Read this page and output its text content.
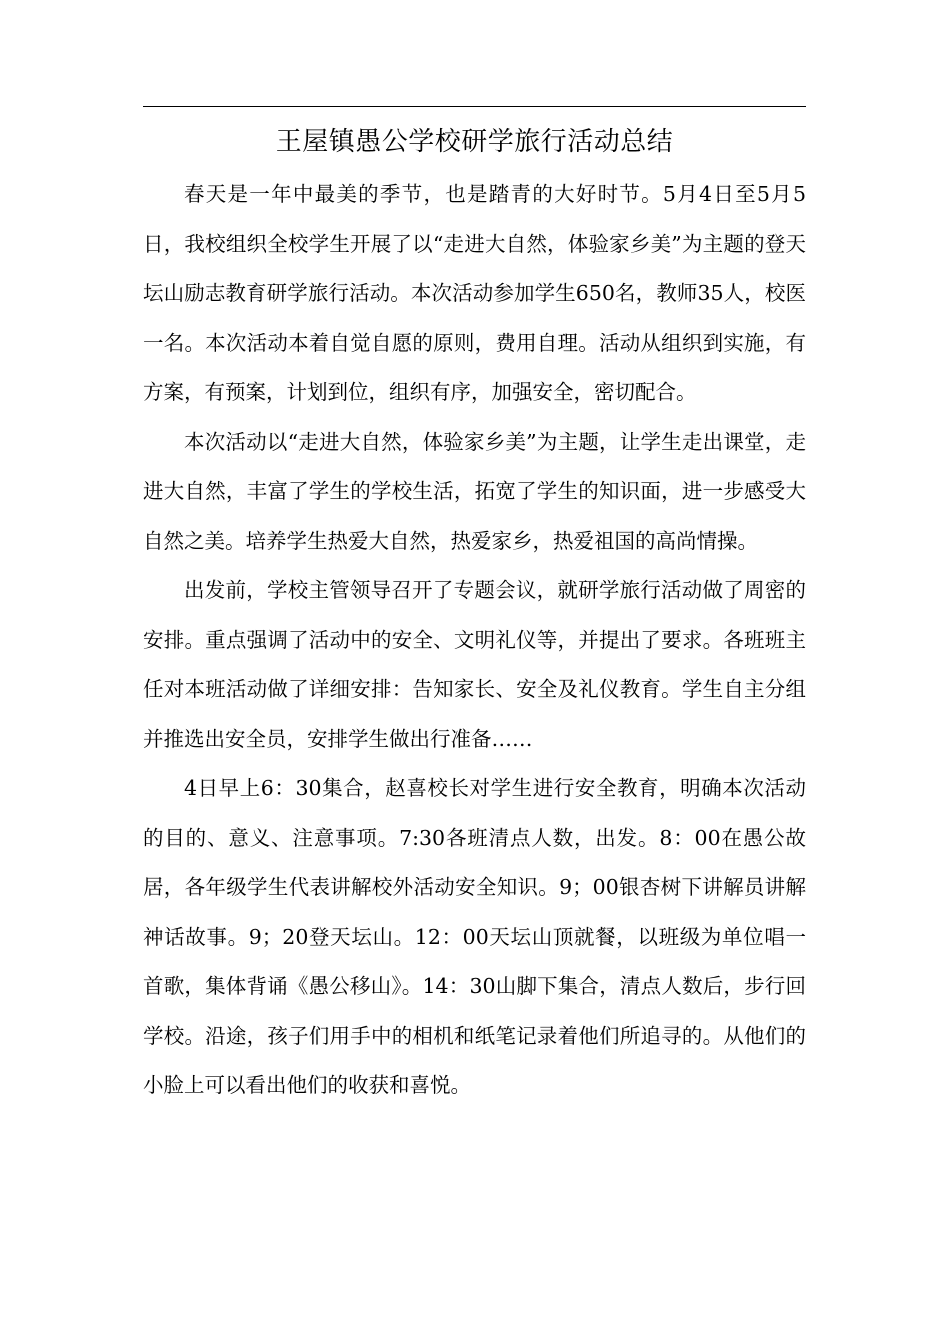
王屋镇愚公学校研学旅行活动总结

春天是一年中最美的季节，也是踏青的大好时节。5月4日至5月5日，我校组织全校学生开展了以“走进大自然，体验家乡美”为主题的登天坛山励志教育研学旅行活动。本次活动参加学生650名，教师35人，校医一名。本次活动本着自觉自愿的原则，费用自理。活动从组织到实施，有方案，有预案，计划到位，组织有序，加强安全，密切配合。

本次活动以“走进大自然，体验家乡美”为主题，让学生走出课堂，走进大自然，丰富了学生的学校生活，拓宽了学生的知识面，进一步感受大自然之美。培养学生热爱大自然，热爱家乡，热爱祖国的高尚情操。

出发前，学校主管领导召开了专题会议，就研学旅行活动做了周密的安排。重点强调了活动中的安全、文明礼仪等，并提出了要求。各班班主任对本班活动做了详细安排：告知家长、安全及礼仪教育。学生自主分组并推选出安全员，安排学生做出行准备……

4日早上6：30集合，赵喜校长对学生进行安全教育，明确本次活动的目的、意义、注意事项。7:30各班清点人数，出发。8：00在愚公故居，各年级学生代表讲解校外活动安全知识。9；00银杏树下讲解员讲解神话故事。9；20登天坛山。12：00天坛山顶就餐，以班级为单位唱一首歌，集体背诵《愚公移山》。14：30山脚下集合，清点人数后，步行回学校。沿途，孩子们用手中的相机和纸笔记录着他们所追寻的。从他们的小脸上可以看出他们的收获和喜悦。
